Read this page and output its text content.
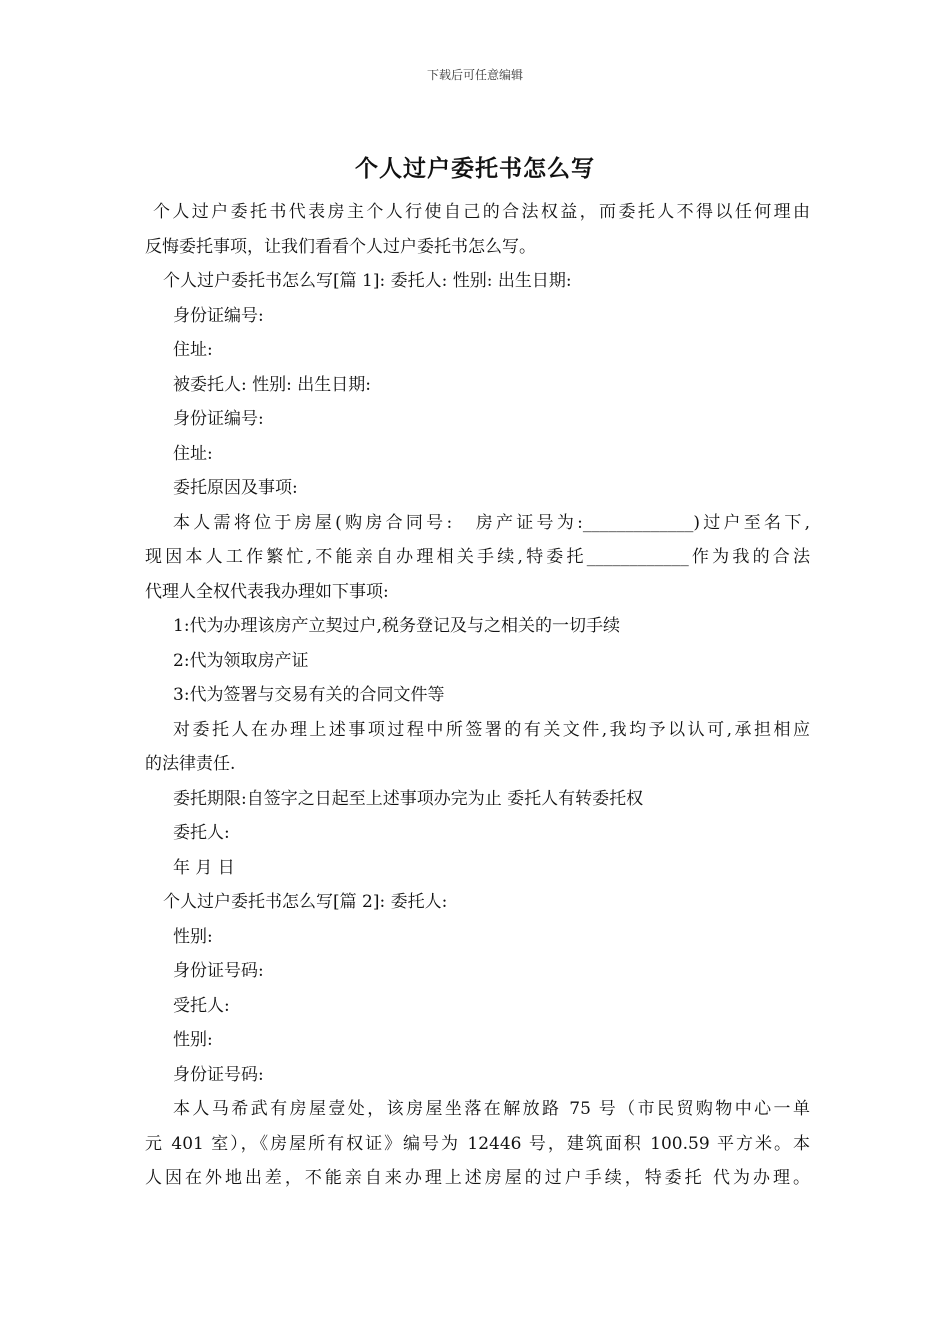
下载后可任意编辑
个人过户委托书怎么写

个人过户委托书代表房主个人行使自己的合法权益，而委托人不得以任何理由

反悔委托事项，让我们看看个人过户委托书怎么写。

个人过户委托书怎么写[篇 1]: 委托人: 性别: 出生日期:

身份证编号:

住址:

被委托人: 性别: 出生日期:

身份证编号:

住址:

委托原因及事项:

本人需将位于房屋(购房合同号:　房产证号为:_____________)过户至名下,

现因本人工作繁忙,不能亲自办理相关手续,特委托____________作为我的合法

代理人全权代表我办理如下事项:

1:代为办理该房产立契过户,税务登记及与之相关的一切手续

2:代为领取房产证

3:代为签署与交易有关的合同文件等

对委托人在办理上述事项过程中所签署的有关文件,我均予以认可,承担相应

的法律责任.

委托期限:自签字之日起至上述事项办完为止 委托人有转委托权

委托人:

年 月 日

个人过户委托书怎么写[篇 2]: 委托人:

性别:

身份证号码:

受托人:

性别:

身份证号码:

本人马希武有房屋壹处，该房屋坐落在解放路 75 号（市民贸购物中心一单

元 401 室），《房屋所有权证》编号为 12446 号，建筑面积 100.59 平方米。本

人因在外地出差，不能亲自来办理上述房屋的过户手续，特委托 代为办理。
